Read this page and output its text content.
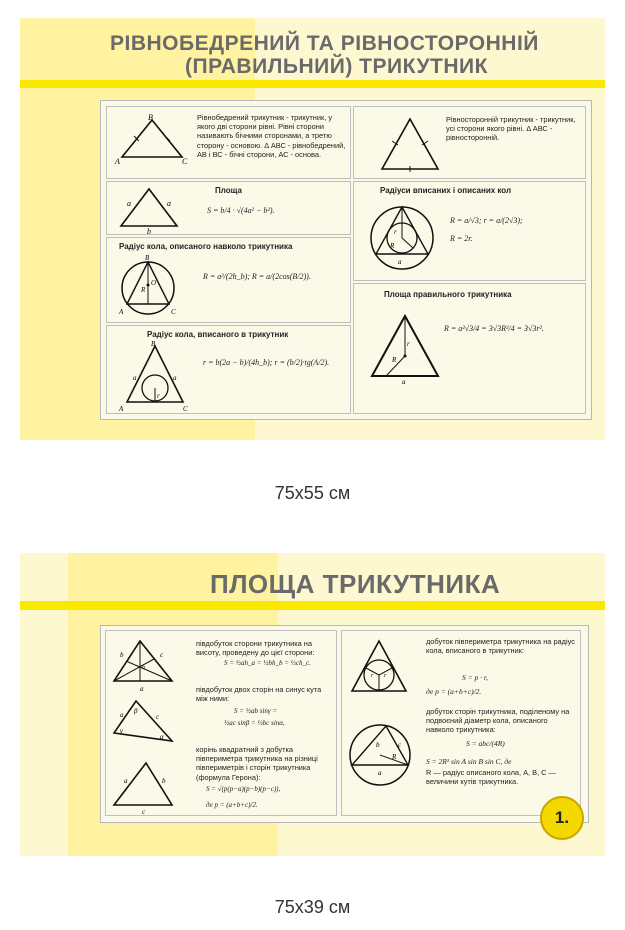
РІВНОБЕДРЕНИЙ ТА РІВНОСТОРОННІЙ
(ПРАВИЛЬНИЙ) ТРИКУТНИК
B
A	C
Рівнобедрений трикутник - трикутник, у якого дві сторони рівні. Рівні сторони називають бічними сторонами, а третю сторону - основою. Δ АВС - рівнобедрений, АВ і ВС - бічні сторони, АС - основа.
a	a
b
Площа
S = b/4 · √(4a² − b²).
Радіус кола, описаного навколо трикутника
B
A	C
R
O
R = a²/(2h_b); R = a/(2cos(B/2)).
Радіус кола, вписаного в трикутник
B
A	C
a	a
r
r = b(2a − b)/(4h_b); r = (b/2)·tg(A/2).
Рівносторонній трикутник - трикутник, усі сторони якого рівні. Δ АВС - рівносторонній.
Радіуси вписаних і описаних кол
r
R
a
R = a/√3; r = a/(2√3);
R = 2r.
Площа правильного трикутника
R
r
a
R = a²√3/4 = 3√3R²/4 = 3√3r².
75x55 см
ПЛОЩА ТРИКУТНИКА
b	c
a
h
β
γ
α
a	c
a	b
c
півдобуток сторони трикутника на висоту, проведену до цієї сторони:
S = ½ah_a = ½bh_b = ½ch_c.
півдобуток двох сторін на синус кута між ними:
S = ½ab sinγ =
½ac sinβ = ½bc sinα,
корінь квадратний з добутка півпериметра трикутника на різниці півпериметрів і сторін трикутника (формула Герона):
S = √(p(p−a)(p−b)(p−c)),
де p = (a+b+c)/2.
r r
b
R
a
c
добуток півпериметра трикутника на радіус кола, вписаного в трикутник:
S = p · r,
де p = (a+b+c)/2.
добуток сторін трикутника, поділеному на подвоєний діаметр кола, описаного навколо трикутника:
S = abc/(4R)
S = 2R² sin A sin B sin C, де
R — радіус описаного кола, A, B, C — величини кутів трикутника.
1.
75x39 см
